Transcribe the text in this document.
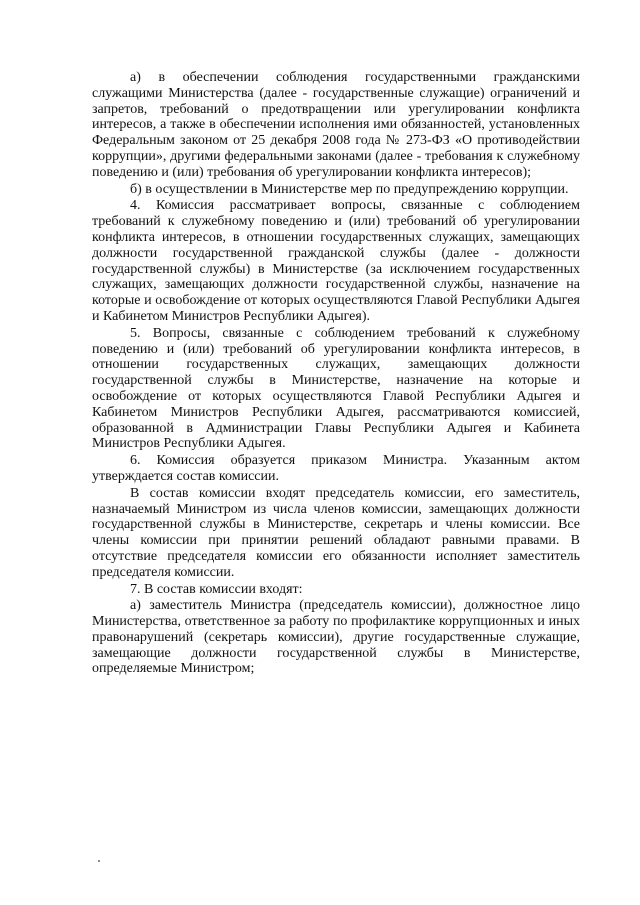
а) в обеспечении соблюдения государственными гражданскими служащими Министерства (далее - государственные служащие) ограничений и запретов, требований о предотвращении или урегулировании конфликта интересов, а также в обеспечении исполнения ими обязанностей, установленных Федеральным законом от 25 декабря 2008 года № 273-ФЗ «О противодействии коррупции», другими федеральными законами (далее - требования к служебному поведению и (или) требования об урегулировании конфликта интересов);

б) в осуществлении в Министерстве мер по предупреждению коррупции.

4. Комиссия рассматривает вопросы, связанные с соблюдением требований к служебному поведению и (или) требований об урегулировании конфликта интересов, в отношении государственных служащих, замещающих должности государственной гражданской службы (далее - должности государственной службы) в Министерстве (за исключением государственных служащих, замещающих должности государственной службы, назначение на которые и освобождение от которых осуществляются Главой Республики Адыгея и Кабинетом Министров Республики Адыгея).

5. Вопросы, связанные с соблюдением требований к служебному поведению и (или) требований об урегулировании конфликта интересов, в отношении государственных служащих, замещающих должности государственной службы в Министерстве, назначение на которые и освобождение от которых осуществляются Главой Республики Адыгея и Кабинетом Министров Республики Адыгея, рассматриваются комиссией, образованной в Администрации Главы Республики Адыгея и Кабинета Министров Республики Адыгея.

6. Комиссия образуется приказом Министра. Указанным актом утверждается состав комиссии.

В состав комиссии входят председатель комиссии, его заместитель, назначаемый Министром из числа членов комиссии, замещающих должности государственной службы в Министерстве, секретарь и члены комиссии. Все члены комиссии при принятии решений обладают равными правами. В отсутствие председателя комиссии его обязанности исполняет заместитель председателя комиссии.

7. В состав комиссии входят:

а) заместитель Министра (председатель комиссии), должностное лицо Министерства, ответственное за работу по профилактике коррупционных и иных правонарушений (секретарь комиссии), другие государственные служащие, замещающие должности государственной службы в Министерстве, определяемые Министром;
